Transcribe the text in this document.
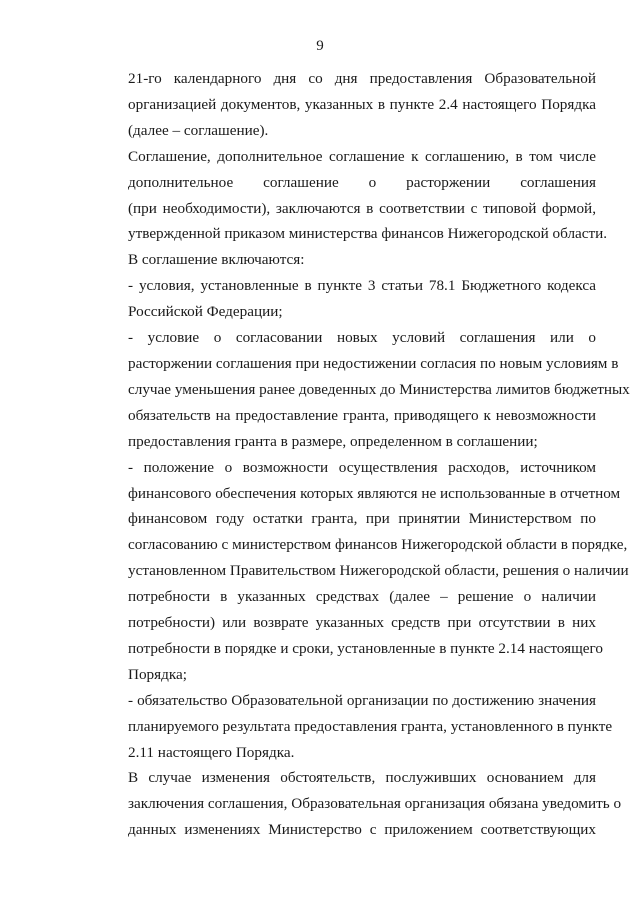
9
21-го календарного дня со дня предоставления Образовательной
организацией документов, указанных в пункте 2.4 настоящего Порядка
(далее – соглашение).
Соглашение, дополнительное соглашение к соглашению, в том числе
дополнительное соглашение о расторжении соглашения
(при необходимости), заключаются в соответствии с типовой формой,
утвержденной приказом министерства финансов Нижегородской области.
В соглашение включаются:
- условия, установленные в пункте 3 статьи 78.1 Бюджетного кодекса
Российской Федерации;
- условие о согласовании новых условий соглашения или о
расторжении соглашения при недостижении согласия по новым условиям в
случае уменьшения ранее доведенных до Министерства лимитов бюджетных
обязательств на предоставление гранта, приводящего к невозможности
предоставления гранта в размере, определенном в соглашении;
- положение о возможности осуществления расходов, источником
финансового обеспечения которых являются не использованные в отчетном
финансовом году остатки гранта, при принятии Министерством по
согласованию с министерством финансов Нижегородской области в порядке,
установленном Правительством Нижегородской области, решения о наличии
потребности в указанных средствах (далее – решение о наличии
потребности) или возврате указанных средств при отсутствии в них
потребности в порядке и сроки, установленные в пункте 2.14 настоящего
Порядка;
- обязательство Образовательной организации по достижению значения
планируемого результата предоставления гранта, установленного в пункте
2.11 настоящего Порядка.
В случае изменения обстоятельств, послуживших основанием для
заключения соглашения, Образовательная организация обязана уведомить о
данных изменениях Министерство с приложением соответствующих
